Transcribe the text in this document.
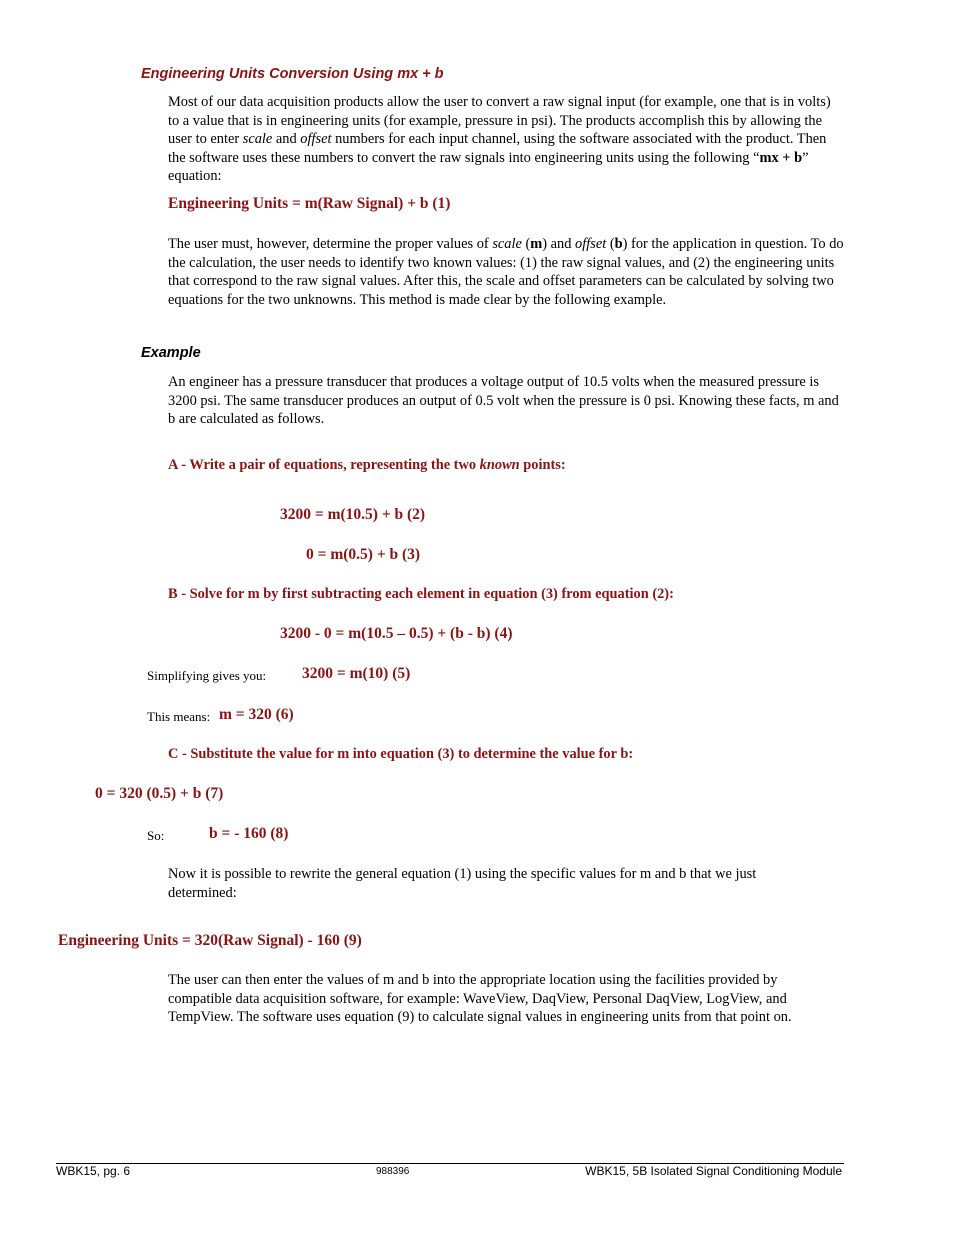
Engineering Units Conversion Using mx + b
Most of our data acquisition products allow the user to convert a raw signal input (for example, one that is in volts) to a value that is in engineering units (for example, pressure in psi). The products accomplish this by allowing the user to enter scale and offset numbers for each input channel, using the software associated with the product. Then the software uses these numbers to convert the raw signals into engineering units using the following “mx + b” equation:
Engineering Units = m(Raw Signal) + b (1)
The user must, however, determine the proper values of scale (m) and offset (b) for the application in question. To do the calculation, the user needs to identify two known values: (1) the raw signal values, and (2) the engineering units that correspond to the raw signal values. After this, the scale and offset parameters can be calculated by solving two equations for the two unknowns. This method is made clear by the following example.
Example
An engineer has a pressure transducer that produces a voltage output of 10.5 volts when the measured pressure is 3200 psi. The same transducer produces an output of 0.5 volt when the pressure is 0 psi. Knowing these facts, m and b are calculated as follows.
A - Write a pair of equations, representing the two known points:
3200 = m(10.5) + b (2)
0 = m(0.5) + b (3)
B - Solve for m by first subtracting each element in equation (3) from equation (2):
3200 - 0 = m(10.5 – 0.5) + (b - b) (4)
Simplifying gives you: 3200 = m(10) (5)
This means: m = 320 (6)
C - Substitute the value for m into equation (3) to determine the value for b:
0 = 320 (0.5) + b (7)
So:	b = - 160 (8)
Now it is possible to rewrite the general equation (1) using the specific values for m and b that we just determined:
Engineering Units = 320(Raw Signal) - 160 (9)
The user can then enter the values of m and b into the appropriate location using the facilities provided by compatible data acquisition software, for example: WaveView, DaqView, Personal DaqView, LogView, and TempView. The software uses equation (9) to calculate signal values in engineering units from that point on.
WBK15, pg. 6	988396	WBK15, 5B Isolated Signal Conditioning Module
